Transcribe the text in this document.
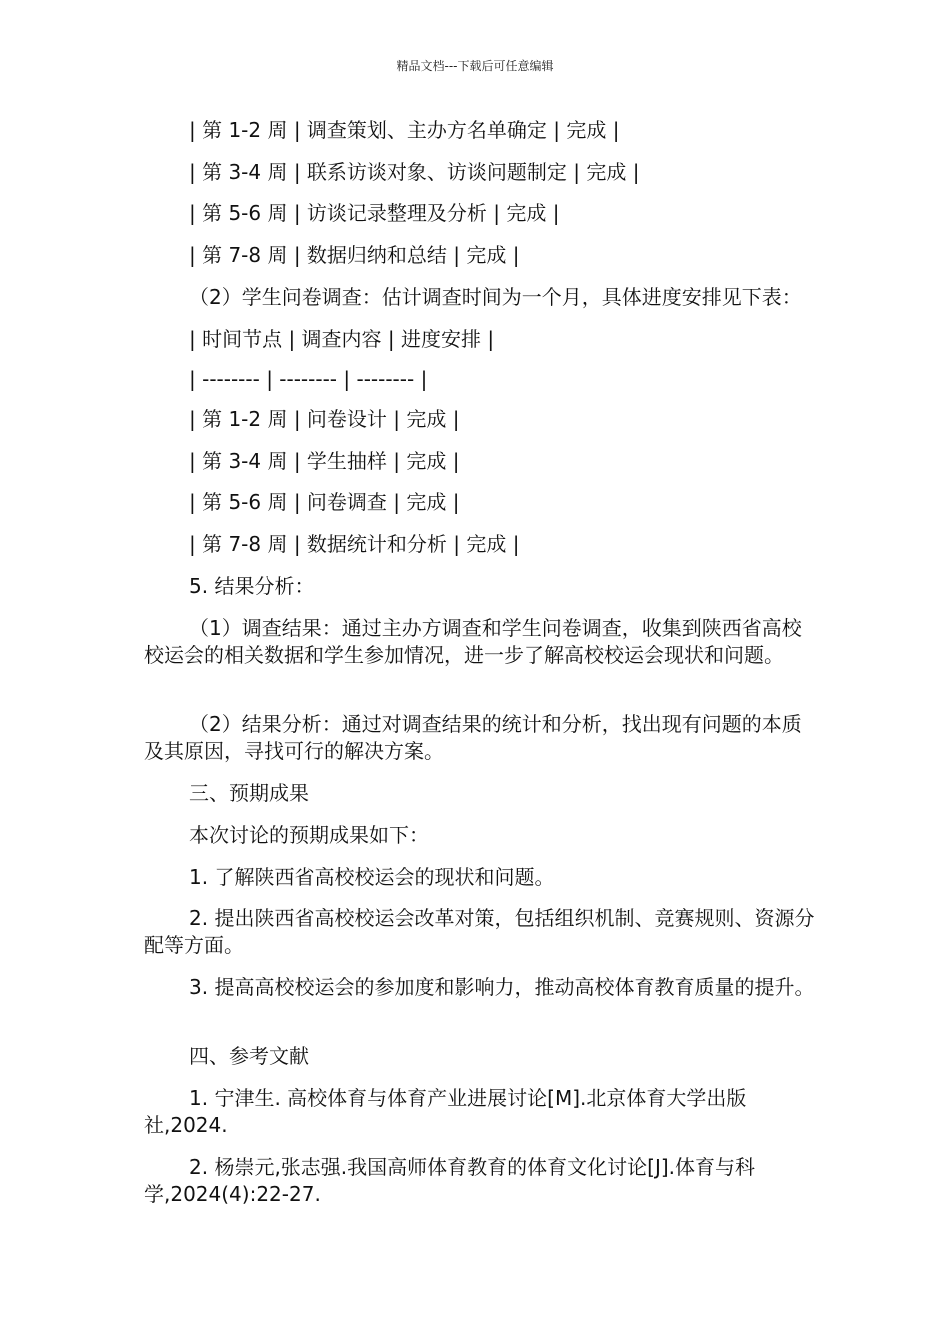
精品文档---下载后可任意编辑
| 第 1-2 周 | 调查策划、主办方名单确定 | 完成 |
| 第 3-4 周 | 联系访谈对象、访谈问题制定 | 完成 |
| 第 5-6 周 | 访谈记录整理及分析 | 完成 |
| 第 7-8 周 | 数据归纳和总结 | 完成 |
（2）学生问卷调查：估计调查时间为一个月，具体进度安排见下表：
| 时间节点 | 调查内容 | 进度安排 |
| -------- | -------- | -------- |
| 第 1-2 周 | 问卷设计 | 完成 |
| 第 3-4 周 | 学生抽样 | 完成 |
| 第 5-6 周 | 问卷调查 | 完成 |
| 第 7-8 周 | 数据统计和分析 | 完成 |
5. 结果分析：
（1）调查结果：通过主办方调查和学生问卷调查，收集到陕西省高校校运会的相关数据和学生参加情况，进一步了解高校校运会现状和问题。
（2）结果分析：通过对调查结果的统计和分析，找出现有问题的本质及其原因，寻找可行的解决方案。
三、预期成果
本次讨论的预期成果如下：
1. 了解陕西省高校校运会的现状和问题。
2. 提出陕西省高校校运会改革对策，包括组织机制、竞赛规则、资源分配等方面。
3. 提高高校校运会的参加度和影响力，推动高校体育教育质量的提升。
四、参考文献
1. 宁津生. 高校体育与体育产业进展讨论[M].北京体育大学出版社,2024.
2. 杨崇元,张志强.我国高师体育教育的体育文化讨论[J].体育与科学,2024(4):22-27.
